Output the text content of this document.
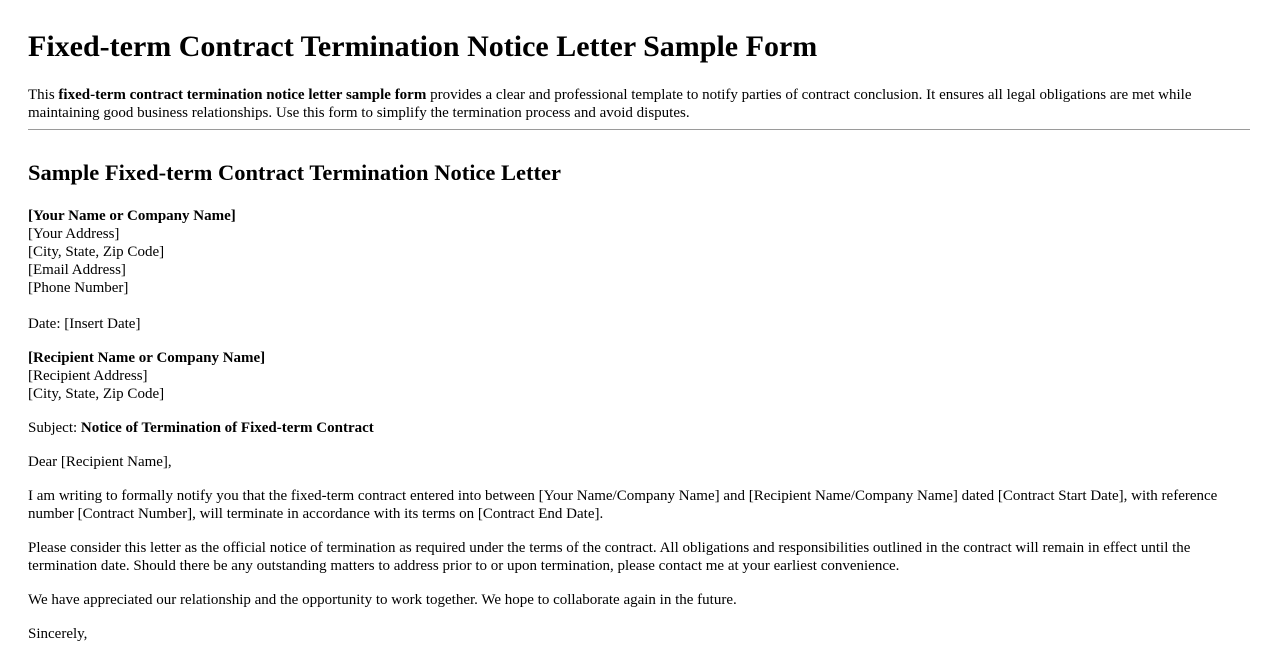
Fixed-term Contract Termination Notice Letter Sample Form

This fixed-term contract termination notice letter sample form provides a clear and professional template to notify parties of contract conclusion. It ensures all legal obligations are met while maintaining good business relationships. Use this form to simplify the termination process and avoid disputes.

Sample Fixed-term Contract Termination Notice Letter
[Your Name or Company Name]
[Your Address]
[City, State, Zip Code]
[Email Address]
[Phone Number]
Date: [Insert Date]
[Recipient Name or Company Name]
[Recipient Address]
[City, State, Zip Code]
Subject: Notice of Termination of Fixed-term Contract
Dear [Recipient Name],

I am writing to formally notify you that the fixed-term contract entered into between [Your Name/Company Name] and [Recipient Name/Company Name] dated [Contract Start Date], with reference number [Contract Number], will terminate in accordance with its terms on [Contract End Date].

Please consider this letter as the official notice of termination as required under the terms of the contract. All obligations and responsibilities outlined in the contract will remain in effect until the termination date. Should there be any outstanding matters to address prior to or upon termination, please contact me at your earliest convenience.

We have appreciated our relationship and the opportunity to work together. We hope to collaborate again in the future.

Sincerely,
